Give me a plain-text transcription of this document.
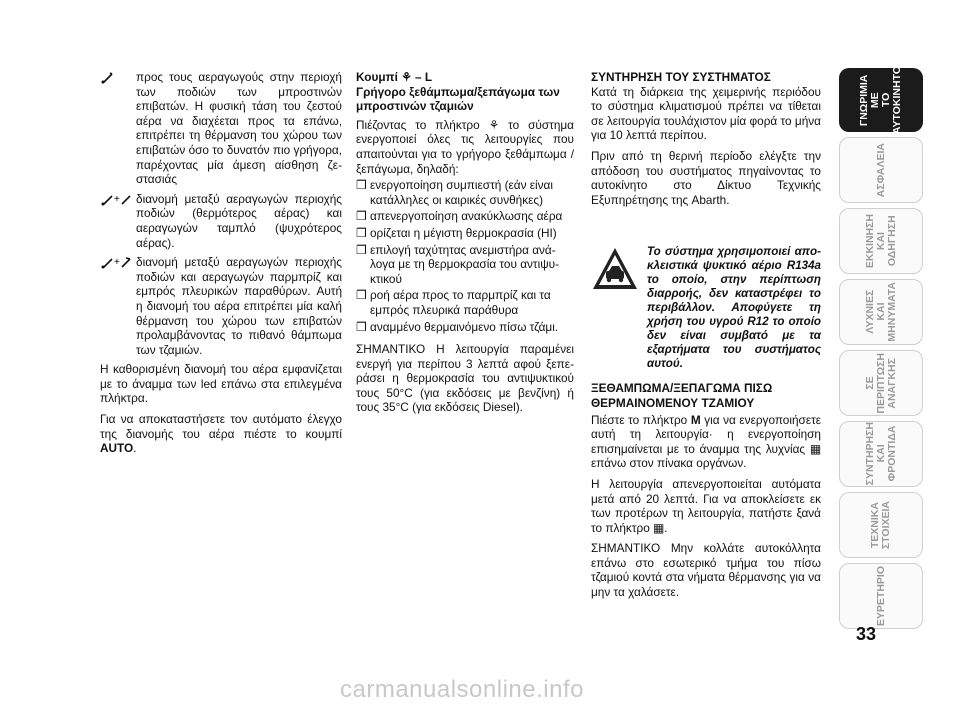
προς τους αεραγωγούς στην περιοχή των ποδιών των μπροστινών επιβατών. Η φυσική τάση του ζεστού αέρα να διαχέεται προς τα επάνω, επιτρέπει τη θέρμανση του χώρου των επιβατών όσο το δυνατόν πιο γρήγορα, παρέχοντας μία άμεση αίσθηση ζεστασιάς
+ διανομή μεταξύ αεραγωγών περιοχής ποδιών (θερμότερος αέρας) και αεραγωγών ταμπλό (ψυχρότερος αέρας).
+ διανομή μεταξύ αεραγωγών περιοχής ποδιών και αεραγωγών παρμπρίζ και εμπρός πλευρικών παραθύρων. Αυτή η διανομή του αέρα επιτρέπει μία καλή θέρμανση του χώρου των επιβατών προλαμβάνοντας το πιθανό θάμπωμα των τζαμιών.

Η καθορισμένη διανομή του αέρα εμφανίζεται με το άναμμα των led επάνω στα επιλεγμένα πλήκτρα.

Για να αποκαταστήσετε τον αυτόματο έλεγχο της διανομής του αέρα πιέστε το κουμπί AUTO.

Κουμπί ⚘ – L

Γρήγορο ξεθάμπωμα/ξεπάγωμα των μπροστινών τζαμιών

Πιέζοντας το πλήκτρο ⚘ το σύστημα ενεργοποιεί όλες τις λειτουργίες που απαιτούνται για το γρήγορο ξεθάμπωμα / ξεπάγωμα, δηλαδή:

❒ ενεργοποίηση συμπιεστή (εάν είναι κατάλληλες οι καιρικές συνθήκες)
❒ απενεργοποίηση ανακύκλωσης αέρα
❒ ορίζεται η μέγιστη θερμοκρασία (HI)
❒ επιλογή ταχύτητας ανεμιστήρα ανάλογα με τη θερμοκρασία του αντιψυκτικού
❒ ροή αέρα προς το παρμπρίζ και τα εμπρός πλευρικά παράθυρα
❒ αναμμένο θερμαινόμενο πίσω τζάμι.

ΣΗΜΑΝΤΙΚΟ Η λειτουργία παραμένει ενεργή για περίπου 3 λεπτά αφού ξεπεράσει η θερμοκρασία του αντιψυκτικού τους 50°C (για εκδόσεις με βενζίνη) ή τους 35°C (για εκδόσεις Diesel).

ΣΥΝΤΗΡΗΣΗ ΤΟΥ ΣΥΣΤΗΜΑΤΟΣ

Κατά τη διάρκεια της χειμερινής περιόδου το σύστημα κλιματισμού πρέπει να τίθεται σε λειτουργία τουλάχιστον μία φορά το μήνα για 10 λεπτά περίπου.

Πριν από τη θερινή περίοδο ελέγξτε την απόδοση του συστήματος πηγαίνοντας το αυτοκίνητο στο Δίκτυο Τεχνικής Εξυπηρέτησης της Abarth.

Το σύστημα χρησιμοποιεί αποκλειστικά ψυκτικό αέριο R134a το οποίο, στην περίπτωση διαρροής, δεν καταστρέφει το περιβάλλον. Αποφύγετε τη χρήση του υγρού R12 το οποίο δεν είναι συμβατό με τα εξαρτήματα του συστήματος αυτού.

ΞΕΘΑΜΠΩΜΑ/ΞΕΠΑΓΩΜΑ ΠΙΣΩ

ΘΕΡΜΑΙΝΟΜΕΝΟΥ ΤΖΑΜΙΟΥ

Πιέστε το πλήκτρο M για να ενεργοποιήσετε αυτή τη λειτουργία· η ενεργοποίηση επισημαίνεται με το άναμμα της λυχνίας ▦ επάνω στον πίνακα οργάνων.

Η λειτουργία απενεργοποιείται αυτόματα μετά από 20 λεπτά. Για να αποκλείσετε εκ των προτέρων τη λειτουργία, πατήστε ξανά το πλήκτρο ▦.

ΣΗΜΑΝΤΙΚΟ Μην κολλάτε αυτοκόλλητα επάνω στο εσωτερικό τμήμα του πίσω τζαμιού κοντά στα νήματα θέρμανσης για να μην τα χαλάσετε.

ΓΝΩΡΙΜΙΑ ΜΕ
ΤΟ
ΑΥΤΟΚΙΝΗΤΟ
ΑΣΦΑΛΕΙΑ
ΕΚΚΙΝΗΣΗ
ΚΑΙ
ΟΔΗΓΗΣΗ
ΛΥΧΝΙΕΣ
ΚΑΙ
ΜΗΝΥΜΑΤΑ
ΣΕ
ΠΕΡΙΠΤΩΣΗ
ΑΝΑΓΚΗΣ
ΣΥΝΤΗΡΗΣΗ
ΚΑΙ
ΦΡΟΝΤΙΔΑ
ΤΕΧΝΙΚΑ
ΣΤΟΙΧΕΙΑ
ΕΥΡΕΤΗΡΙΟ
33
carmanualsonline.info
